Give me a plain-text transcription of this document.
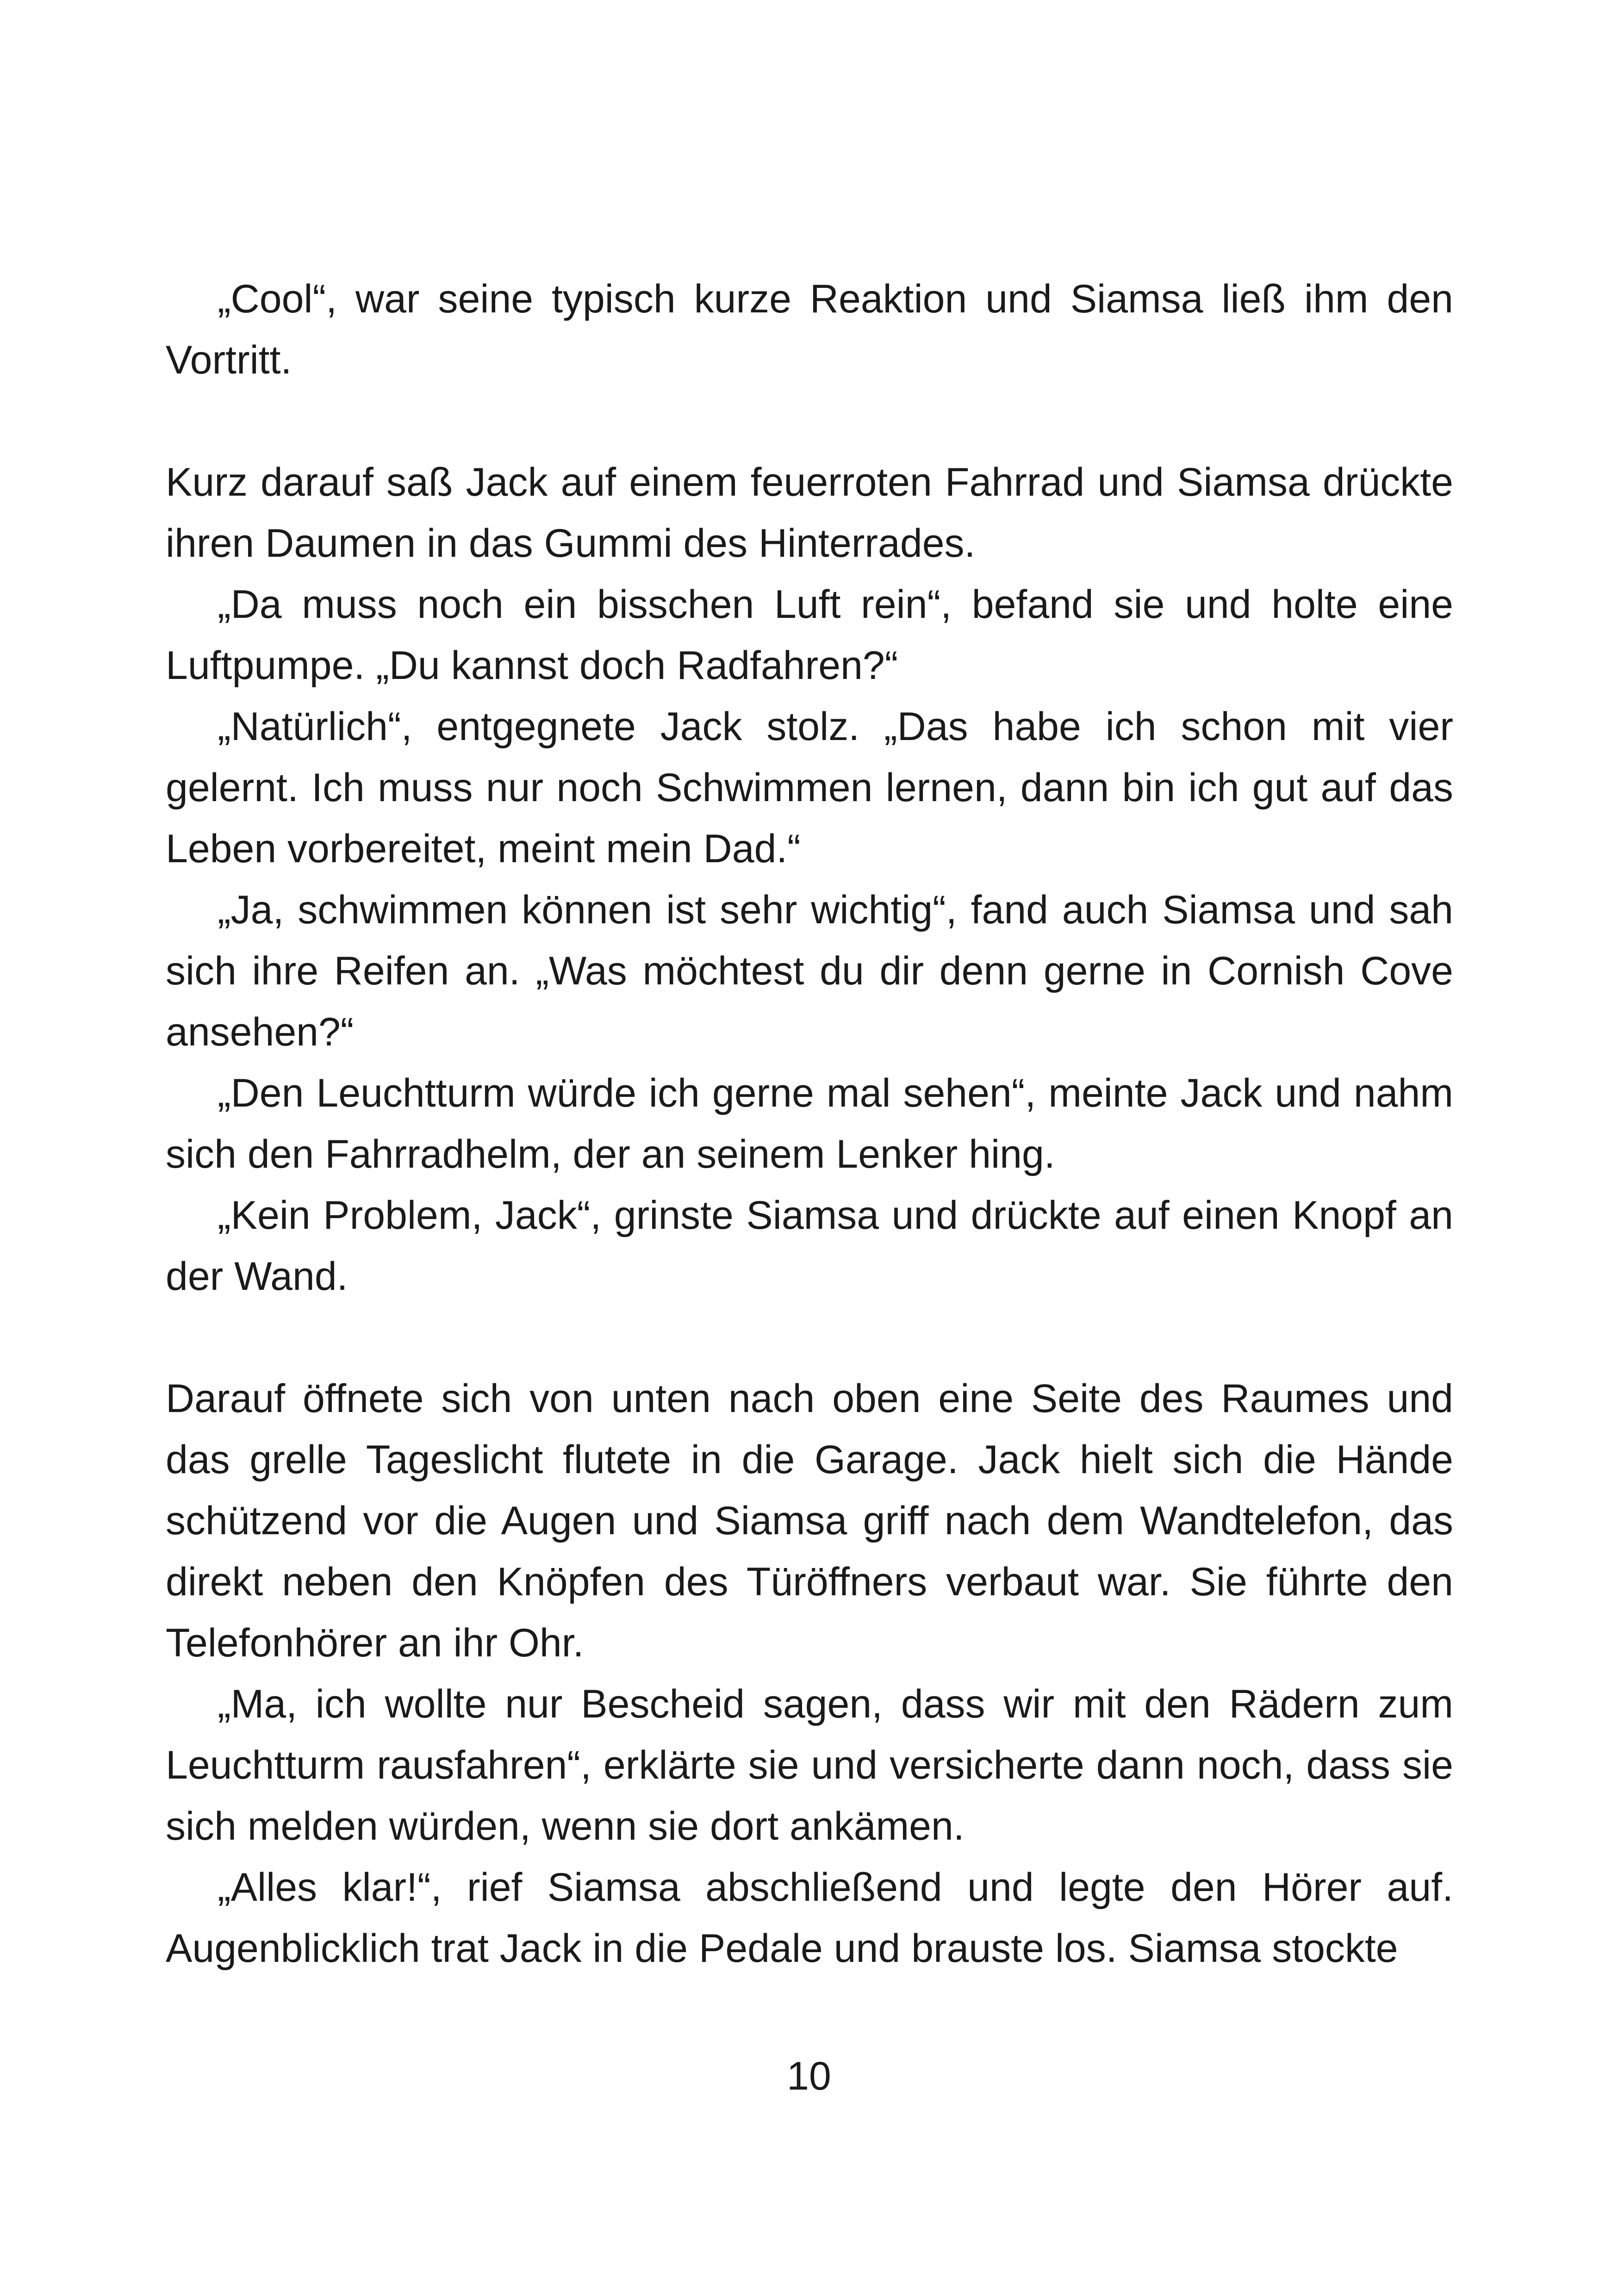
„Cool“, war seine typisch kurze Reaktion und Siamsa ließ ihm den Vortritt.

Kurz darauf saß Jack auf einem feuerroten Fahrrad und Siamsa drückte ihren Daumen in das Gummi des Hinterrades.

„Da muss noch ein bisschen Luft rein“, befand sie und holte eine Luftpumpe. „Du kannst doch Radfahren?“

„Natürlich“, entgegnete Jack stolz. „Das habe ich schon mit vier gelernt. Ich muss nur noch Schwimmen lernen, dann bin ich gut auf das Leben vorbereitet, meint mein Dad.“

„Ja, schwimmen können ist sehr wichtig“, fand auch Siamsa und sah sich ihre Reifen an. „Was möchtest du dir denn gerne in Cornish Cove ansehen?“

„Den Leuchtturm würde ich gerne mal sehen“, meinte Jack und nahm sich den Fahrradhelm, der an seinem Lenker hing.

„Kein Problem, Jack“, grinste Siamsa und drückte auf einen Knopf an der Wand.

Darauf öffnete sich von unten nach oben eine Seite des Raumes und das grelle Tageslicht flutete in die Garage. Jack hielt sich die Hände schützend vor die Augen und Siamsa griff nach dem Wandtelefon, das direkt neben den Knöpfen des Türöffners verbaut war. Sie führte den Telefonhörer an ihr Ohr.

„Ma, ich wollte nur Bescheid sagen, dass wir mit den Rädern zum Leuchtturm rausfahren“, erklärte sie und versicherte dann noch, dass sie sich melden würden, wenn sie dort ankämen.

„Alles klar!“, rief Siamsa abschließend und legte den Hörer auf. Augenblicklich trat Jack in die Pedale und brauste los. Siamsa stockte

10
